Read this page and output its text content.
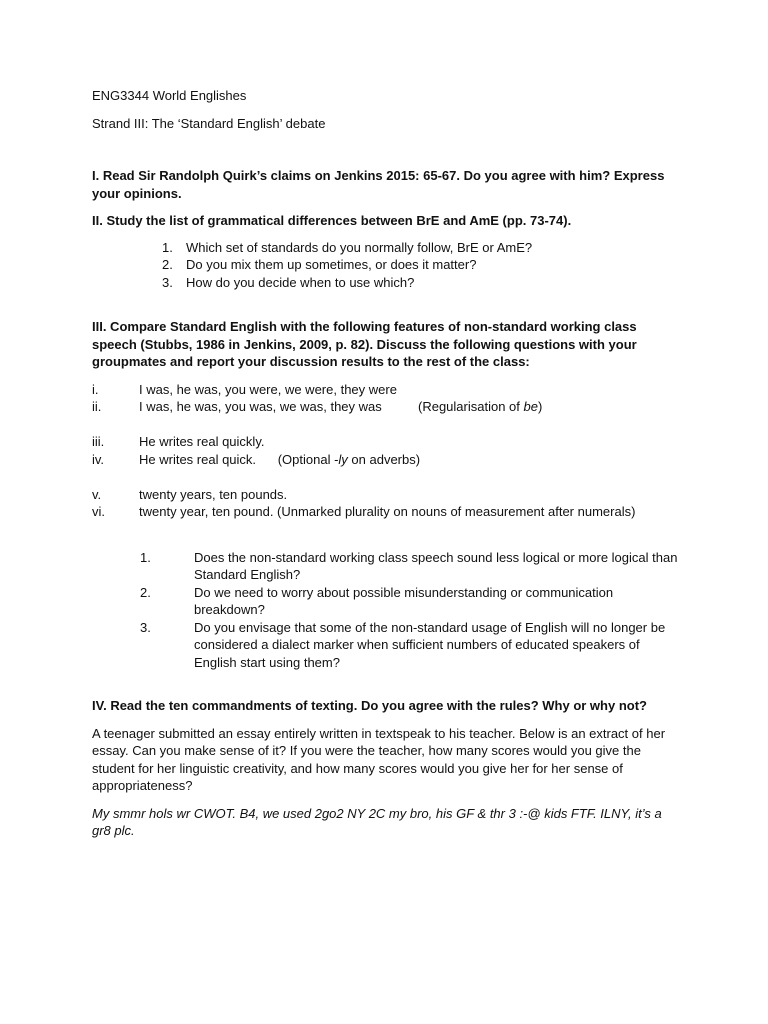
ENG3344 World Englishes

Strand III: The ‘Standard English’ debate

I. Read Sir Randolph Quirk’s claims on Jenkins 2015: 65-67. Do you agree with him? Express your opinions.

II. Study the list of grammatical differences between BrE and AmE (pp. 73-74).

1. Which set of standards do you normally follow, BrE or AmE?
2. Do you mix them up sometimes, or does it matter?
3. How do you decide when to use which?

III. Compare Standard English with the following features of non-standard working class speech (Stubbs, 1986 in Jenkins, 2009, p. 82). Discuss the following questions with your groupmates and report your discussion results to the rest of the class:

i.	I was, he was, you were, we were, they were
ii.	I was, he was, you was, we was, they was	(Regularisation of be)
iii.	He writes real quickly.
iv.	He writes real quick. (Optional -ly on adverbs)
v.	twenty years, ten pounds.
vi.	twenty year, ten pound. (Unmarked plurality on nouns of measurement after numerals)
1.	Does the non-standard working class speech sound less logical or more logical than Standard English?
2.	Do we need to worry about possible misunderstanding or communication breakdown?
3.	Do you envisage that some of the non-standard usage of English will no longer be considered a dialect marker when sufficient numbers of educated speakers of English start using them?

IV. Read the ten commandments of texting. Do you agree with the rules? Why or why not?

A teenager submitted an essay entirely written in textspeak to his teacher. Below is an extract of her essay. Can you make sense of it? If you were the teacher, how many scores would you give the student for her linguistic creativity, and how many scores would you give her for her sense of appropriateness?

My smmr hols wr CWOT. B4, we used 2go2 NY 2C my bro, his GF & thr 3 :-@ kids FTF. ILNY, it’s a gr8 plc.
